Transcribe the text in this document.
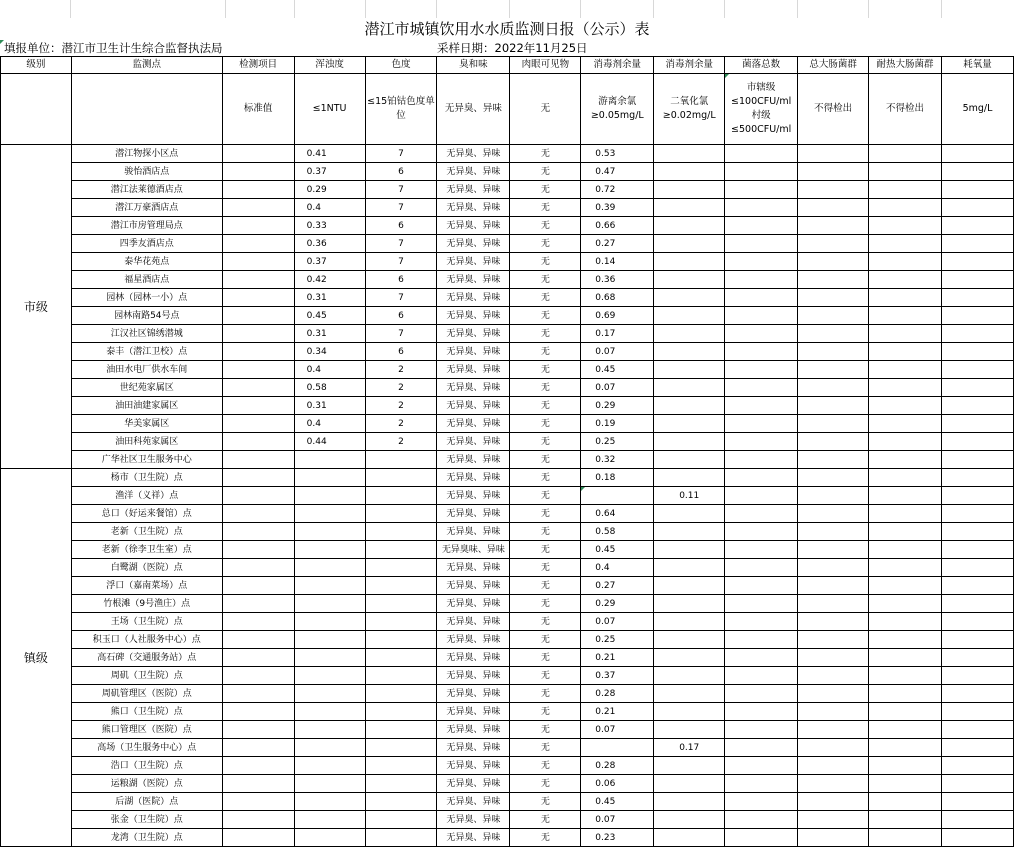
潜江市城镇饮用水水质监测日报（公示）表
填报单位：潜江市卫生计生综合监督执法局	采样日期：2022年11月25日
级别	监测点	检测项目	浑浊度	色度	臭和味	肉眼可见物	消毒剂余量	消毒剂余量	菌落总数	总大肠菌群	耐热大肠菌群	耗氧量
		标准值	≤1NTU	≤15铂钴色度单位	无异臭、异味	无	游离余氯≥0.05mg/L	二氧化氯≥0.02mg/L	市辖级≤100CFU/ml 村级≤500CFU/ml	不得检出	不得检出	5mg/L
市级	潜江物探小区点		0.41	7	无异臭、异味	无	0.53					
	骏怡酒店点		0.37	6	无异臭、异味	无	0.47					
	潜江法莱德酒店点		0.29	7	无异臭、异味	无	0.72					
	潜江万豪酒店点		0.4	7	无异臭、异味	无	0.39					
	潜江市房管理局点		0.33	6	无异臭、异味	无	0.66					
	四季友酒店点		0.36	7	无异臭、异味	无	0.27					
	泰华花苑点		0.37	7	无异臭、异味	无	0.14					
	福星酒店点		0.42	6	无异臭、异味	无	0.36					
	园林（园林一小）点		0.31	7	无异臭、异味	无	0.68					
	园林南路54号点		0.45	6	无异臭、异味	无	0.69					
	江汉社区锦绣潜城		0.31	7	无异臭、异味	无	0.17					
	泰丰（潜江卫校）点		0.34	6	无异臭、异味	无	0.07					
	油田水电厂供水车间		0.4	2	无异臭、异味	无	0.45					
	世纪苑家属区		0.58	2	无异臭、异味	无	0.07					
	油田油建家属区		0.31	2	无异臭、异味	无	0.29					
	华美家属区		0.4	2	无异臭、异味	无	0.19					
	油田科苑家属区		0.44	2	无异臭、异味	无	0.25					
	广华社区卫生服务中心				无异臭、异味	无	0.32					
镇级	杨市（卫生院）点				无异臭、异味	无	0.18					
	渔洋（义祥）点				无异臭、异味	无		0.11				
	总口（好运来餐馆）点				无异臭、异味	无	0.64					
	老新（卫生院）点				无异臭、异味	无	0.58					
	老新（徐李卫生室）点				无异臭味、异味	无	0.45					
	白鹭湖（医院）点				无异臭、异味	无	0.4					
	浮口（嘉南菜场）点				无异臭、异味	无	0.27					
	竹根滩（9号渔庄）点				无异臭、异味	无	0.29					
	王场（卫生院）点				无异臭、异味	无	0.07					
	积玉口（人社服务中心）点				无异臭、异味	无	0.25					
	高石碑（交通服务站）点				无异臭、异味	无	0.21					
	周矶（卫生院）点				无异臭、异味	无	0.37					
	周矶管理区（医院）点				无异臭、异味	无	0.28					
	熊口（卫生院）点				无异臭、异味	无	0.21					
	熊口管理区（医院）点				无异臭、异味	无	0.07					
	高场（卫生服务中心）点				无异臭、异味	无		0.17				
	浩口（卫生院）点				无异臭、异味	无	0.28					
	运粮湖（医院）点				无异臭、异味	无	0.06					
	后湖（医院）点				无异臭、异味	无	0.45					
	张金（卫生院）点				无异臭、异味	无	0.07					
	龙湾（卫生院）点				无异臭、异味	无	0.23					
